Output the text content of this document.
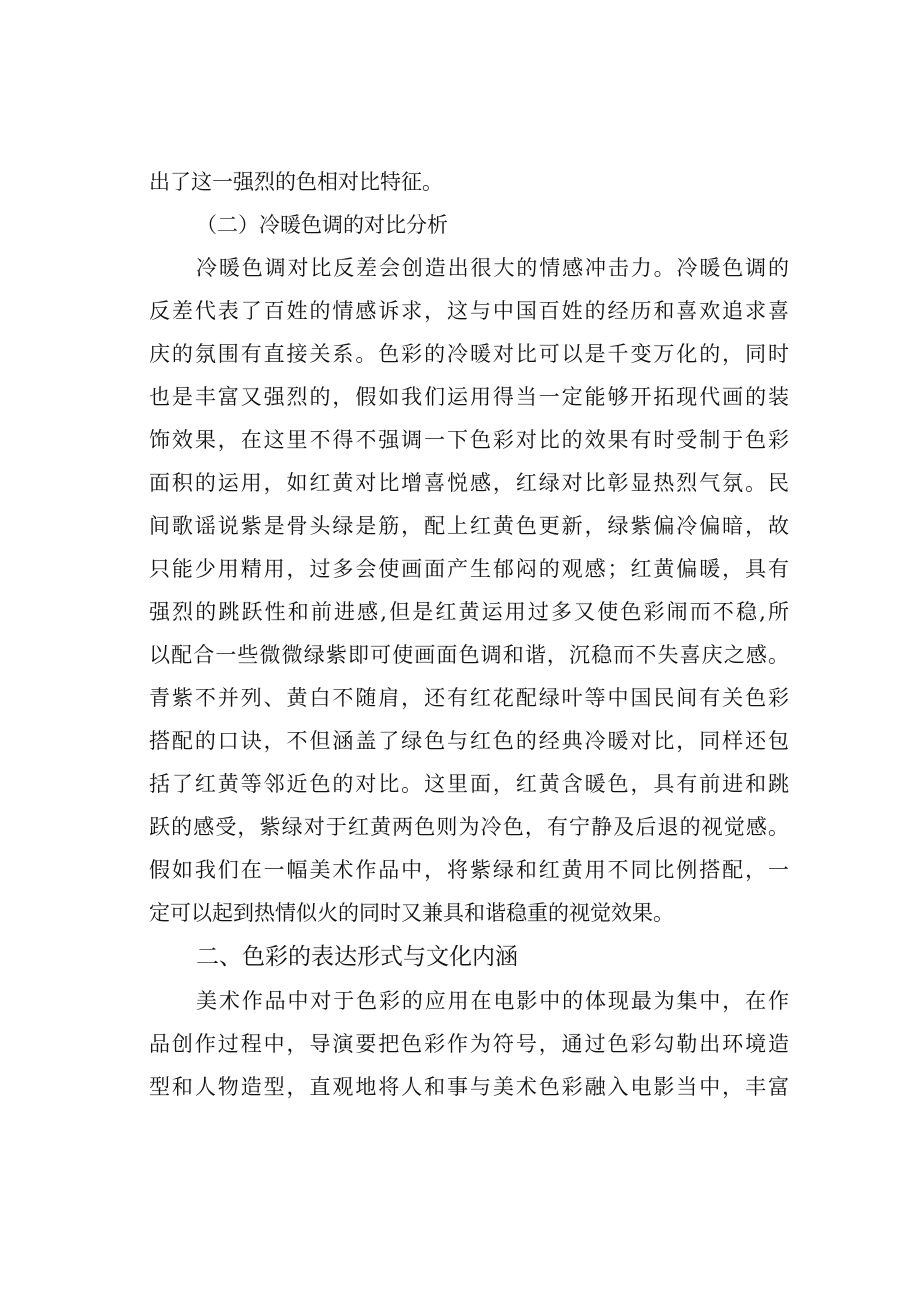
出了这一强烈的色相对比特征。
（二）冷暖色调的对比分析
冷暖色调对比反差会创造出很大的情感冲击力。冷暖色调的
反差代表了百姓的情感诉求，这与中国百姓的经历和喜欢追求喜
庆的氛围有直接关系。色彩的冷暖对比可以是千变万化的，同时
也是丰富又强烈的，假如我们运用得当一定能够开拓现代画的装
饰效果，在这里不得不强调一下色彩对比的效果有时受制于色彩
面积的运用，如红黄对比增喜悦感，红绿对比彰显热烈气氛。民
间歌谣说紫是骨头绿是筋，配上红黄色更新，绿紫偏冷偏暗，故
只能少用精用，过多会使画面产生郁闷的观感；红黄偏暖，具有
强烈的跳跃性和前进感,但是红黄运用过多又使色彩闹而不稳,所
以配合一些微微绿紫即可使画面色调和谐，沉稳而不失喜庆之感。
青紫不并列、黄白不随肩，还有红花配绿叶等中国民间有关色彩
搭配的口诀，不但涵盖了绿色与红色的经典冷暖对比，同样还包
括了红黄等邻近色的对比。这里面，红黄含暖色，具有前进和跳
跃的感受，紫绿对于红黄两色则为冷色，有宁静及后退的视觉感。
假如我们在一幅美术作品中，将紫绿和红黄用不同比例搭配，一
定可以起到热情似火的同时又兼具和谐稳重的视觉效果。
二、色彩的表达形式与文化内涵
美术作品中对于色彩的应用在电影中的体现最为集中，在作
品创作过程中，导演要把色彩作为符号，通过色彩勾勒出环境造
型和人物造型，直观地将人和事与美术色彩融入电影当中，丰富
